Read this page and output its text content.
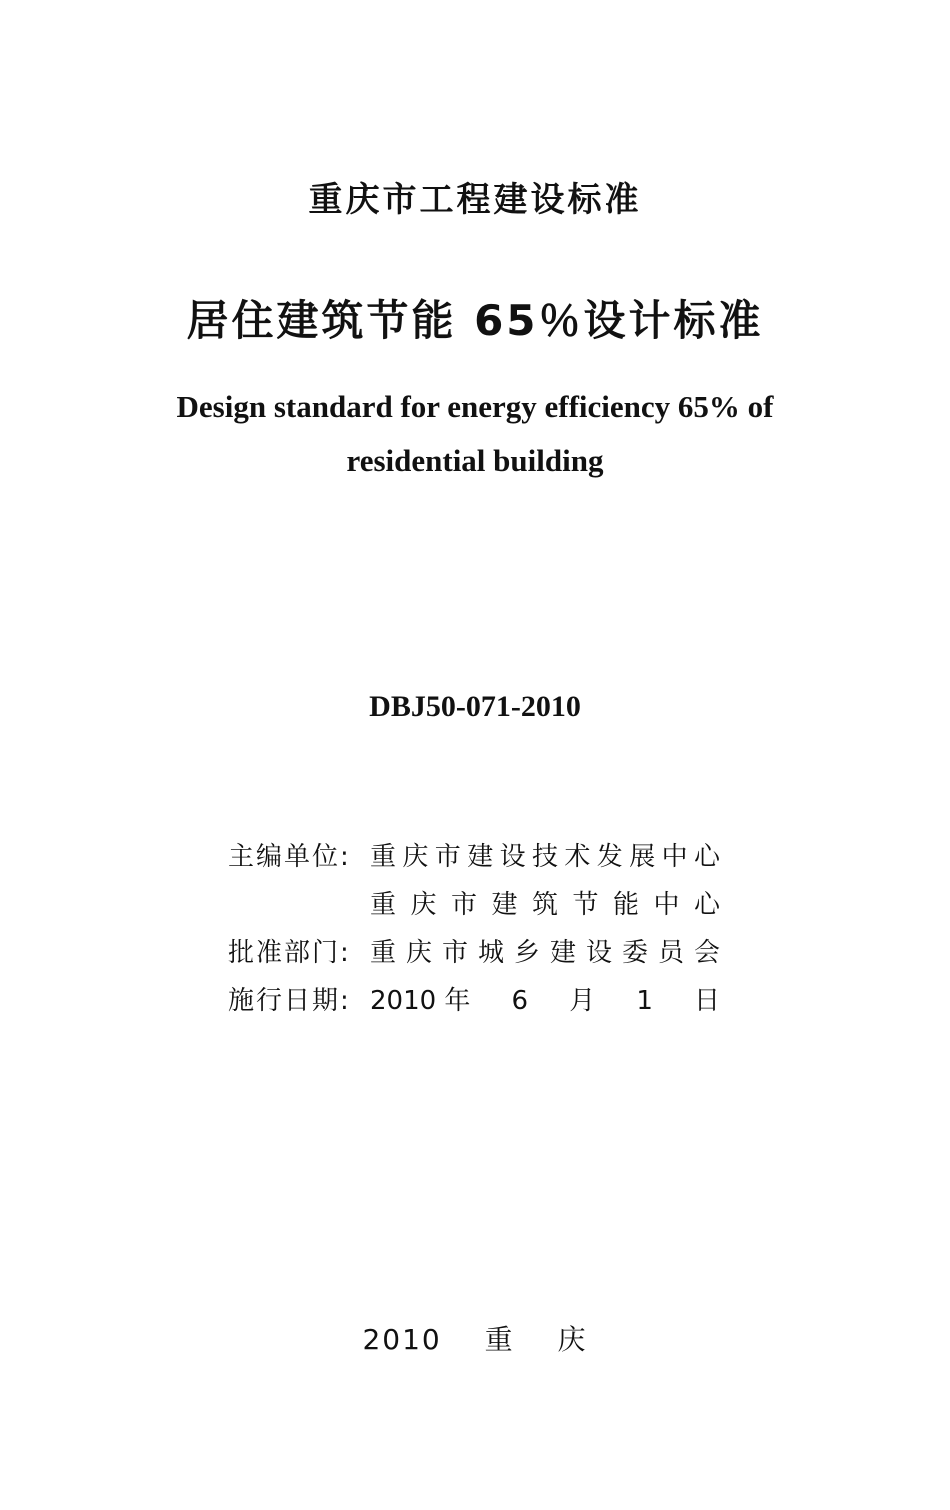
重庆市工程建设标准
居住建筑节能 65％设计标准
Design standard for energy efficiency 65% of
residential building
DBJ50-071-2010
主编单位: 重庆市建设技术发展中心
重庆市建筑节能中心
批准部门: 重庆市城乡建设委员会
施行日期: 2010 年 6 月 1 日
2010 重 庆
